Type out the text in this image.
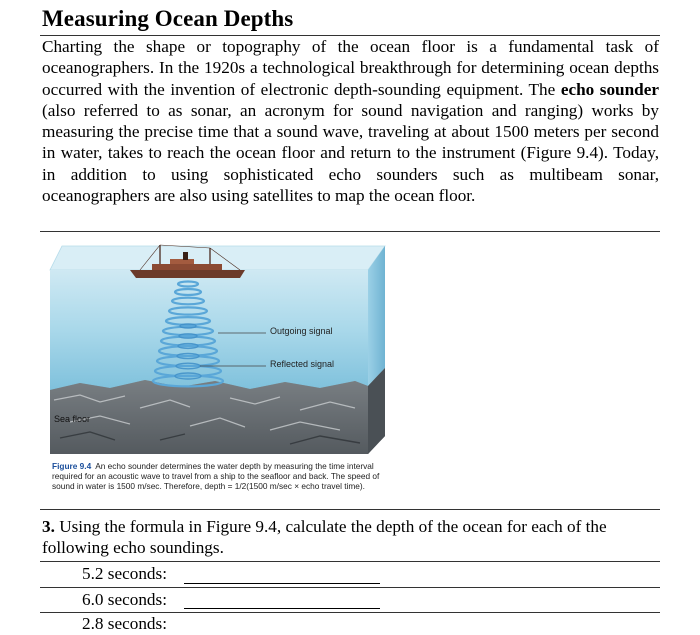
Measuring Ocean Depths
Charting the shape or topography of the ocean floor is a fundamental task of oceanographers. In the 1920s a technological breakthrough for determining ocean depths occurred with the invention of electronic depth-sounding equipment. The echo sounder (also referred to as sonar, an acronym for sound navigation and ranging) works by measuring the precise time that a sound wave, traveling at about 1500 meters per second in water, takes to reach the ocean floor and return to the instrument (Figure 9.4). Today, in addition to using sophisticated echo sounders such as multibeam sonar, oceanographers are also using satellites to map the ocean floor.
Outgoing signal
Reflected signal
Sea floor
Figure 9.4 An echo sounder determines the water depth by measuring the time interval required for an acoustic wave to travel from a ship to the seafloor and back. The speed of sound in water is 1500 m/sec. Therefore, depth = 1/2(1500 m/sec × echo travel time).
3. Using the formula in Figure 9.4, calculate the depth of the ocean for each of the following echo soundings.
5.2 seconds:
6.0 seconds:
2.8 seconds:
